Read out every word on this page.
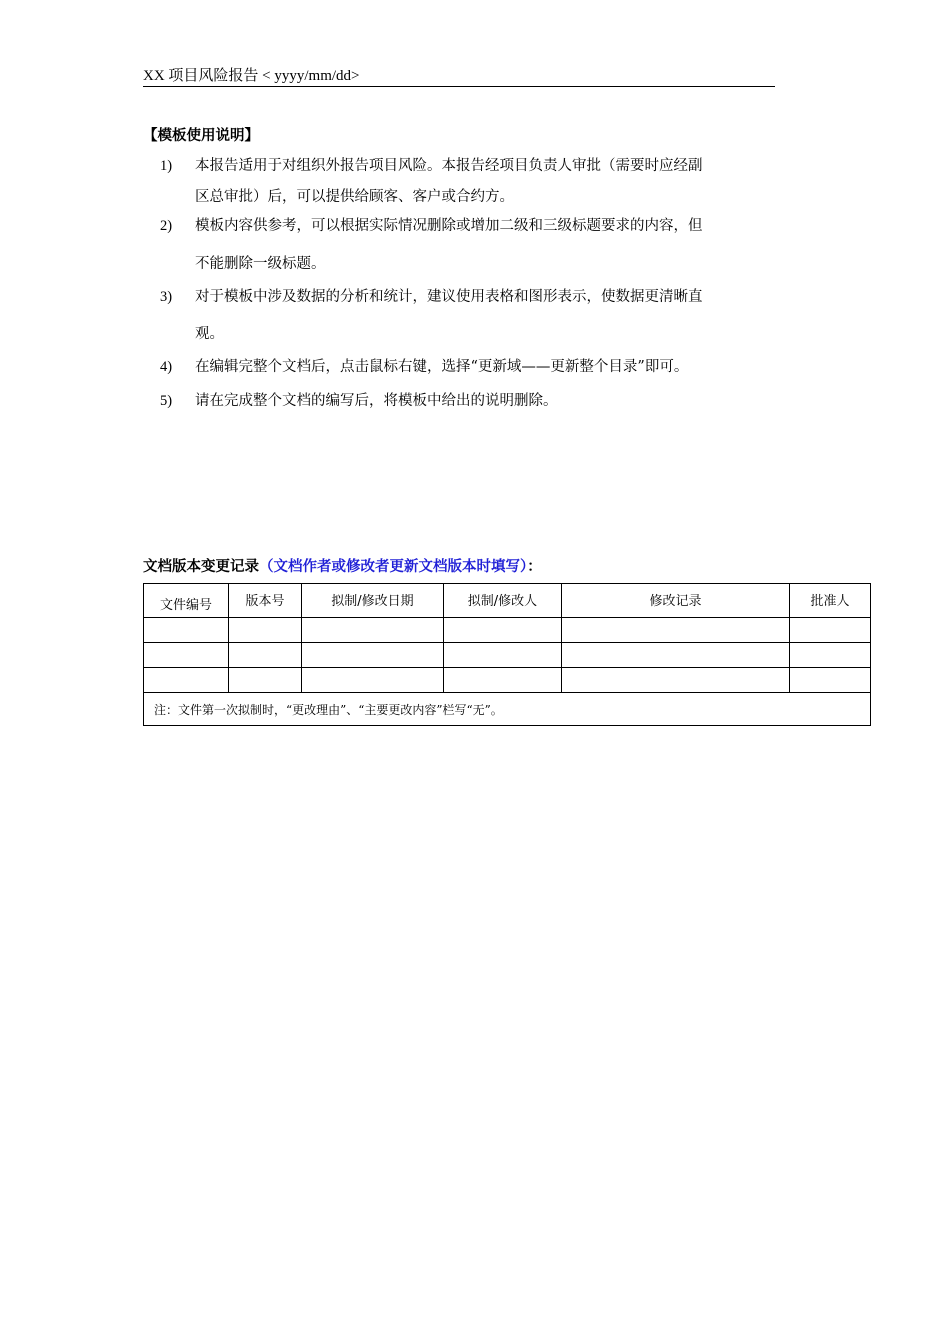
XX 项目风险报告 < yyyy/mm/dd>
【模板使用说明】
1) 本报告适用于对组织外报告项目风险。本报告经项目负责人审批（需要时应经副
区总审批）后，可以提供给顾客、客户或合约方。
2) 模板内容供参考，可以根据实际情况删除或增加二级和三级标题要求的内容，但
不能删除一级标题。
3) 对于模板中涉及数据的分析和统计，建议使用表格和图形表示，使数据更清晰直
观。
4) 在编辑完整个文档后，点击鼠标右键，选择“更新域——更新整个目录”即可。
5) 请在完成整个文档的编写后，将模板中给出的说明删除。
文档版本变更记录（文档作者或修改者更新文档版本时填写）：
文件编号	版本号	拟制/修改日期	拟制/修改人	修改记录	批准人

注：文件第一次拟制时，“更改理由”、“主要更改内容”栏写“无”。					
